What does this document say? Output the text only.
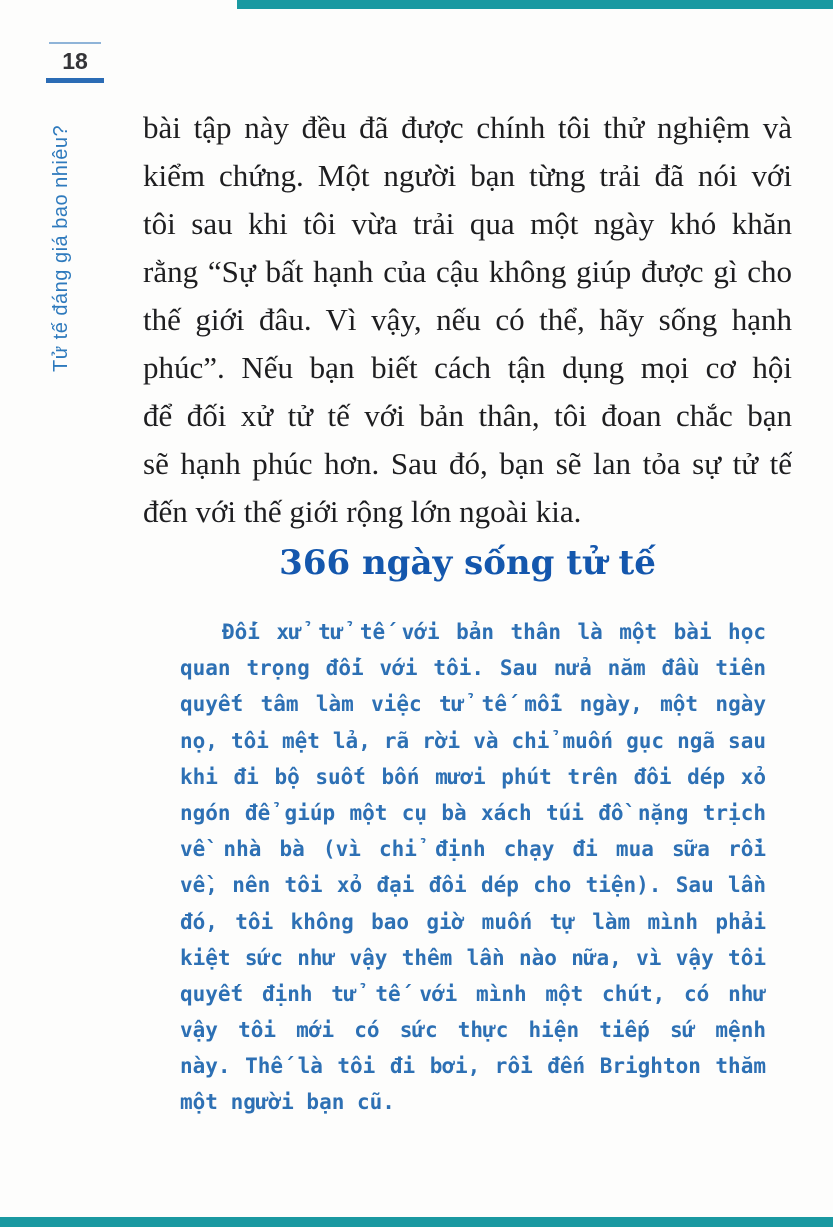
18
Tử tế đáng giá bao nhiêu? bài tập này đều đã được chính tôi thử nghiệm và
kiểm chứng. Một người bạn từng trải đã nói với
tôi sau khi tôi vừa trải qua một ngày khó khăn
rằng “Sự bất hạnh của cậu không giúp được gì cho
thế giới đâu. Vì vậy, nếu có thể, hãy sống hạnh
phúc”. Nếu bạn biết cách tận dụng mọi cơ hội
để đối xử tử tế với bản thân, tôi đoan chắc bạn
sẽ hạnh phúc hơn. Sau đó, bạn sẽ lan tỏa sự tử tế
đến với thế giới rộng lớn ngoài kia.
366 ngày sống tử tế
Đối xử tử tế với bản thân là một bài học
quan trọng đối với tôi. Sau nửa năm đầu tiên
quyết tâm làm việc tử tế mỗi ngày, một ngày
nọ, tôi mệt lả, rã rời và chỉ muốn gục ngã sau
khi đi bộ suốt bốn mươi phút trên đôi dép xỏ
ngón để giúp một cụ bà xách túi đồ nặng trịch
về nhà bà (vì chỉ định chạy đi mua sữa rồi
về, nên tôi xỏ đại đôi dép cho tiện). Sau lần
đó, tôi không bao giờ muốn tự làm mình phải
kiệt sức như vậy thêm lần nào nữa, vì vậy tôi
quyết định tử tế với mình một chút, có như
vậy tôi mới có sức thực hiện tiếp sứ mệnh
này. Thế là tôi đi bơi, rồi đến Brighton thăm
một người bạn cũ.
